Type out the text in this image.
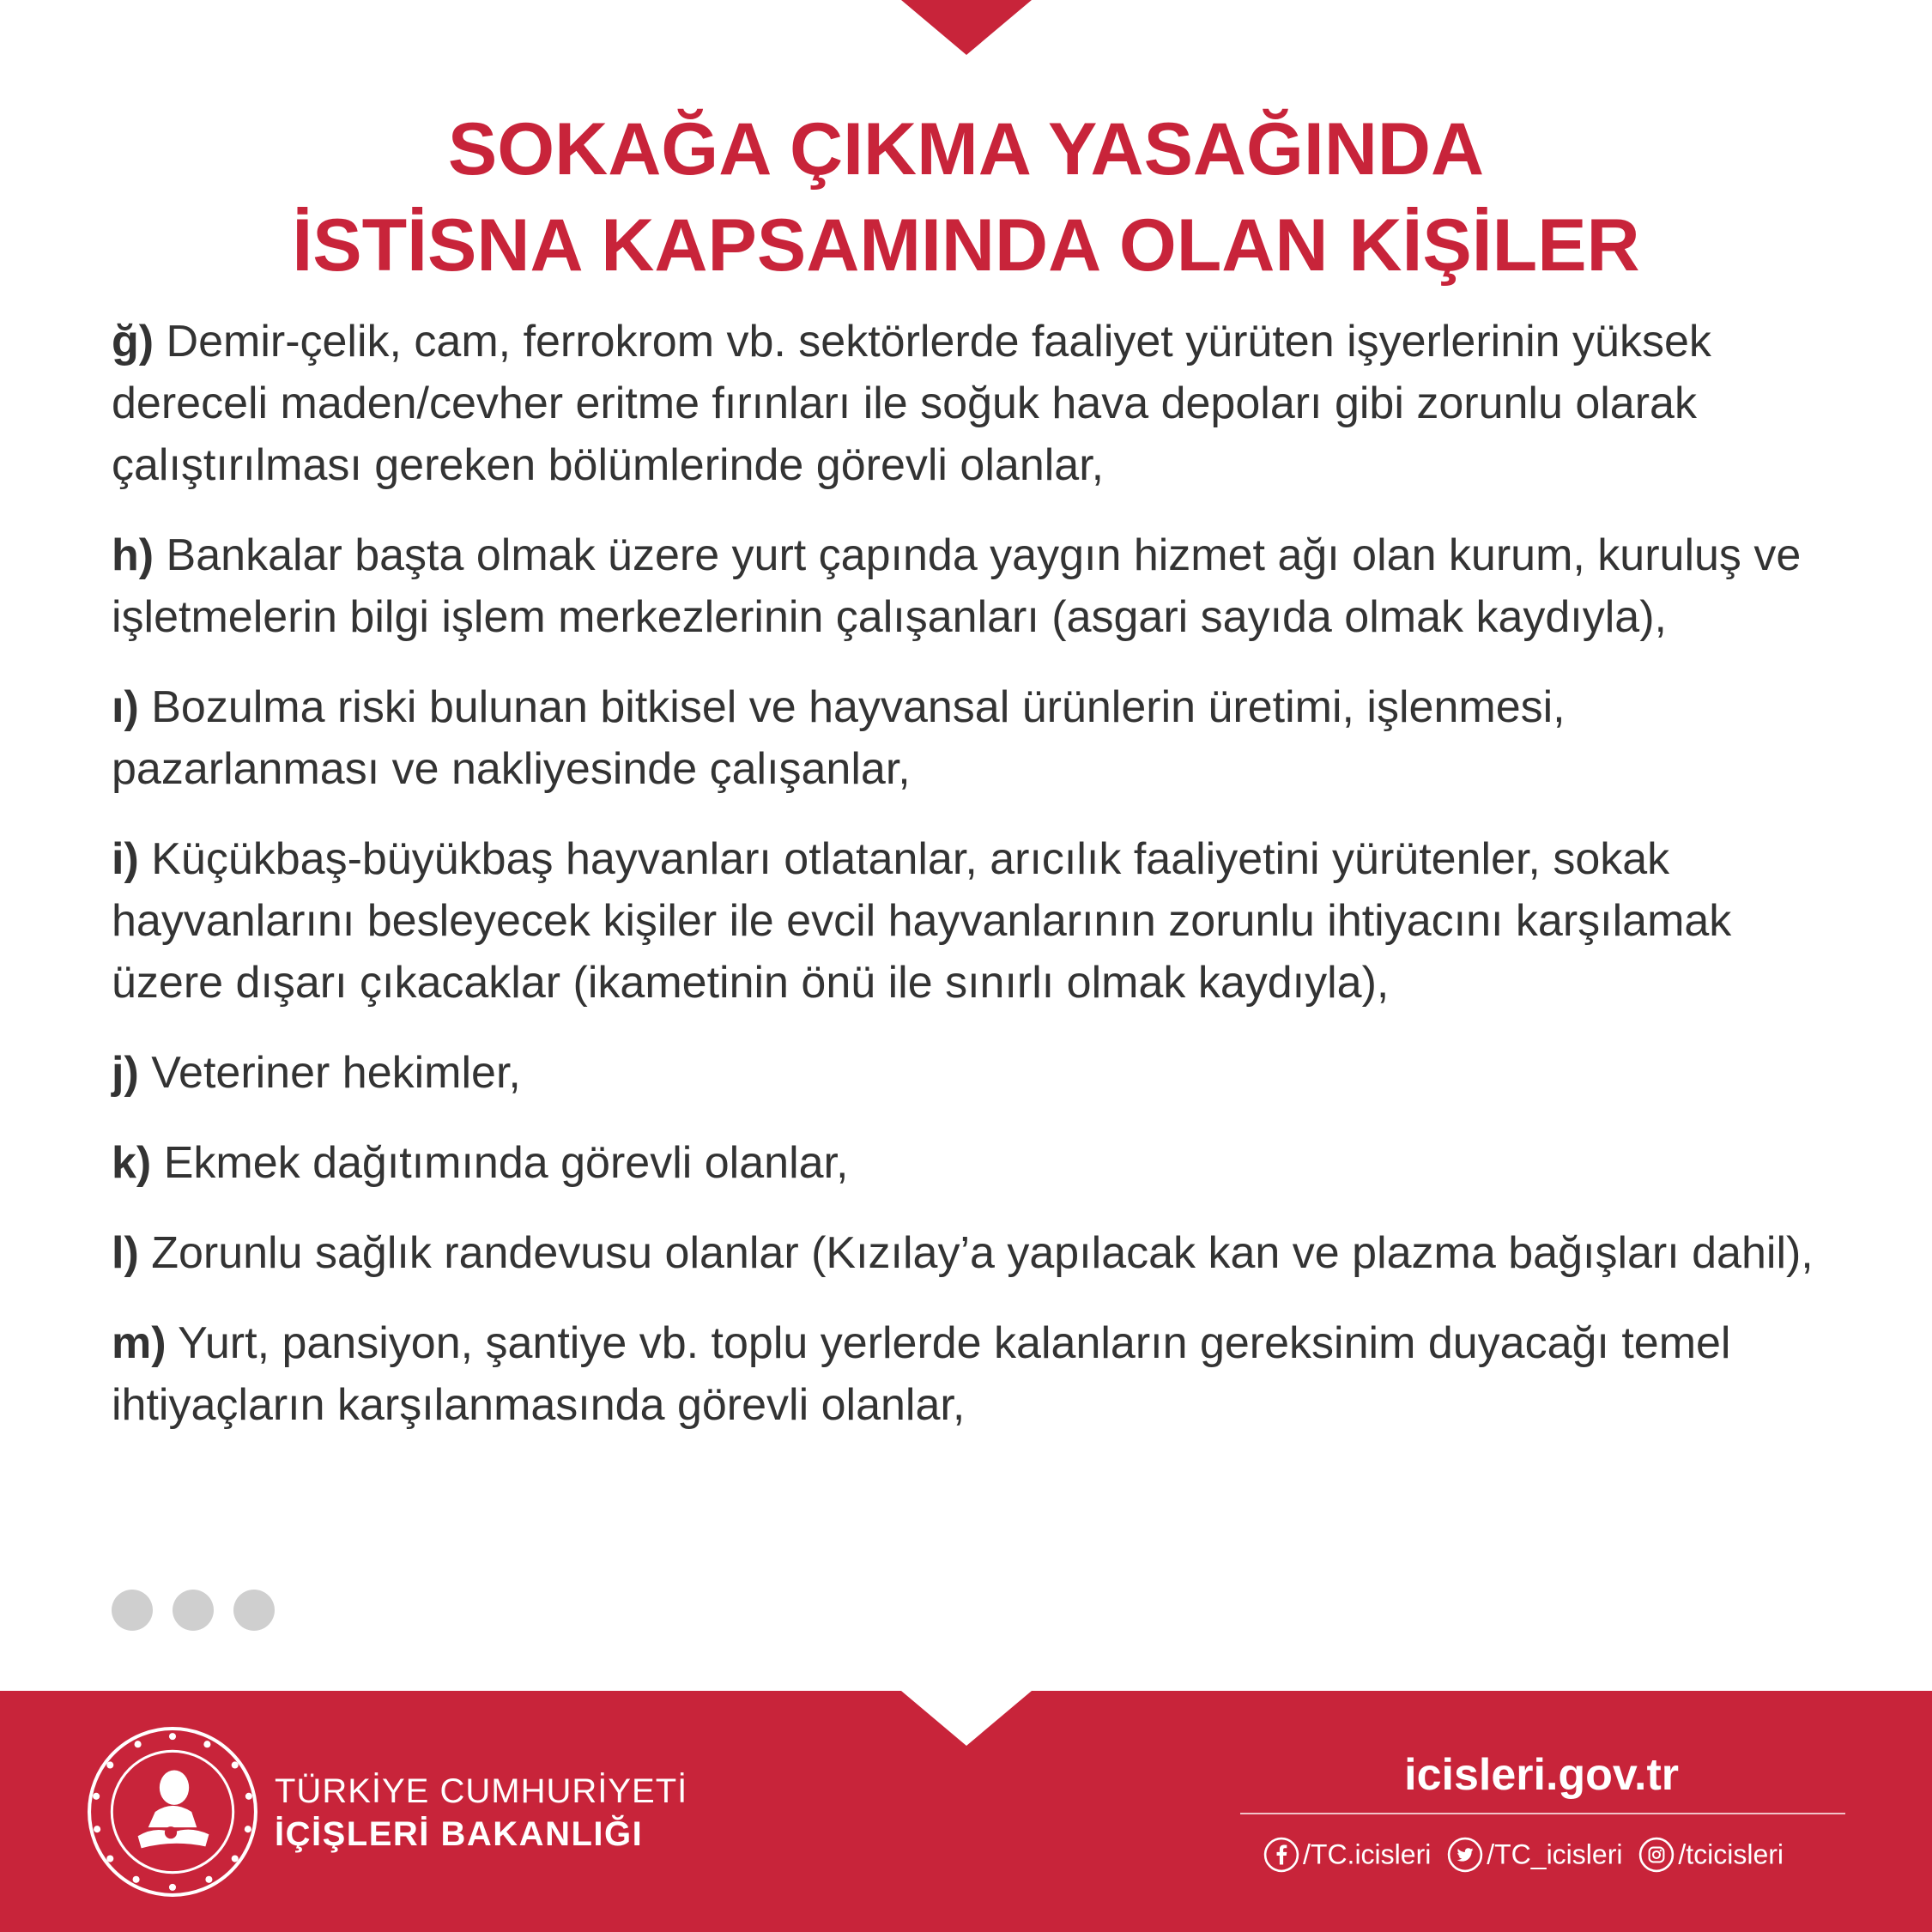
SOKAĞA ÇIKMA YASAĞINDA
İSTİSNA KAPSAMINDA OLAN KİŞİLER
ğ) Demir-çelik, cam, ferrokrom vb. sektörlerde faaliyet yürüten işyerlerinin yüksek dereceli maden/cevher eritme fırınları ile soğuk hava depoları gibi zorunlu olarak çalıştırılması gereken bölümlerinde görevli olanlar,
h) Bankalar başta olmak üzere yurt çapında yaygın hizmet ağı olan kurum, kuruluş ve işletmelerin bilgi işlem merkezlerinin çalışanları (asgari sayıda olmak kaydıyla),
ı) Bozulma riski bulunan bitkisel ve hayvansal ürünlerin üretimi, işlenmesi, pazarlanması ve nakliyesinde çalışanlar,
i) Küçükbaş-büyükbaş hayvanları otlatanlar, arıcılık faaliyetini yürütenler, sokak hayvanlarını besleyecek kişiler ile evcil hayvanlarının zorunlu ihtiyacını karşılamak üzere dışarı çıkacaklar (ikametinin önü ile sınırlı olmak kaydıyla),
j) Veteriner hekimler,
k) Ekmek dağıtımında görevli olanlar,
l) Zorunlu sağlık randevusu olanlar (Kızılay’a yapılacak kan ve plazma bağışları dahil),
m) Yurt, pansiyon, şantiye vb. toplu yerlerde kalanların gereksinim duyacağı temel ihtiyaçların karşılanmasında görevli olanlar,
TÜRKİYE CUMHURİYETİ
İÇİŞLERİ BAKANLIĞI
icisleri.gov.tr
/TC.icisleri /TC_icisleri /tcicisleri
